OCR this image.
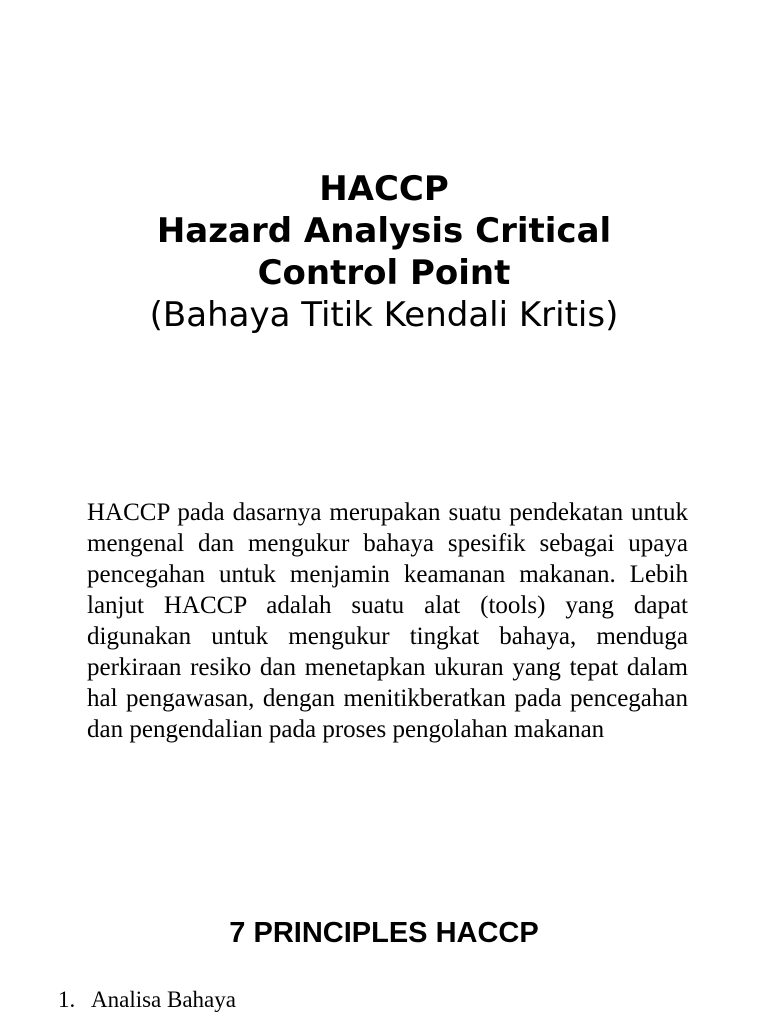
HACCP
Hazard Analysis Critical
Control Point
(Bahaya Titik Kendali Kritis)

HACCP pada dasarnya merupakan suatu pendekatan untuk mengenal dan mengukur bahaya spesifik sebagai upaya pencegahan untuk menjamin keamanan makanan. Lebih lanjut HACCP adalah suatu alat (tools) yang dapat digunakan untuk mengukur tingkat bahaya, menduga perkiraan resiko dan menetapkan ukuran yang tepat dalam hal pengawasan, dengan menitikberatkan pada pencegahan dan pengendalian pada proses pengolahan makanan

7 PRINCIPLES HACCP
1. Analisa Bahaya
